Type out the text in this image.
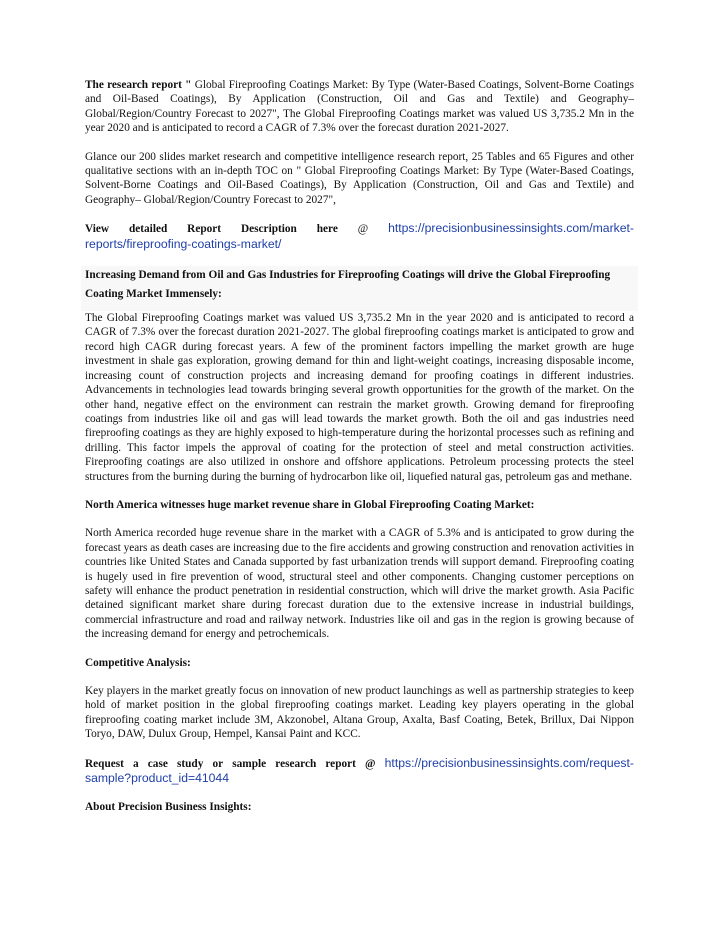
The research report " Global Fireproofing Coatings Market: By Type (Water-Based Coatings, Solvent-Borne Coatings and Oil-Based Coatings), By Application (Construction, Oil and Gas and Textile) and Geography– Global/Region/Country Forecast to 2027", The Global Fireproofing Coatings market was valued US 3,735.2 Mn in the year 2020 and is anticipated to record a CAGR of 7.3% over the forecast duration 2021-2027.

Glance our 200 slides market research and competitive intelligence research report, 25 Tables and 65 Figures and other qualitative sections with an in-depth TOC on " Global Fireproofing Coatings Market: By Type (Water-Based Coatings, Solvent-Borne Coatings and Oil-Based Coatings), By Application (Construction, Oil and Gas and Textile) and Geography– Global/Region/Country Forecast to 2027",

View detailed Report Description here @ https://precisionbusinessinsights.com/market-

reports/fireproofing-coatings-market/

Increasing Demand from Oil and Gas Industries for Fireproofing Coatings will drive the Global Fireproofing Coating Market Immensely:

The Global Fireproofing Coatings market was valued US 3,735.2 Mn in the year 2020 and is anticipated to record a CAGR of 7.3% over the forecast duration 2021-2027. The global fireproofing coatings market is anticipated to grow and record high CAGR during forecast years. A few of the prominent factors impelling the market growth are huge investment in shale gas exploration, growing demand for thin and light-weight coatings, increasing disposable income, increasing count of construction projects and increasing demand for proofing coatings in different industries. Advancements in technologies lead towards bringing several growth opportunities for the growth of the market. On the other hand, negative effect on the environment can restrain the market growth. Growing demand for fireproofing coatings from industries like oil and gas will lead towards the market growth. Both the oil and gas industries need fireproofing coatings as they are highly exposed to high-temperature during the horizontal processes such as refining and drilling. This factor impels the approval of coating for the protection of steel and metal construction activities. Fireproofing coatings are also utilized in onshore and offshore applications. Petroleum processing protects the steel structures from the burning during the burning of hydrocarbon like oil, liquefied natural gas, petroleum gas and methane.

North America witnesses huge market revenue share in Global Fireproofing Coating Market:

North America recorded huge revenue share in the market with a CAGR of 5.3% and is anticipated to grow during the forecast years as death cases are increasing due to the fire accidents and growing construction and renovation activities in countries like United States and Canada supported by fast urbanization trends will support demand. Fireproofing coating is hugely used in fire prevention of wood, structural steel and other components. Changing customer perceptions on safety will enhance the product penetration in residential construction, which will drive the market growth. Asia Pacific detained significant market share during forecast duration due to the extensive increase in industrial buildings, commercial infrastructure and road and railway network. Industries like oil and gas in the region is growing because of the increasing demand for energy and petrochemicals.

Competitive Analysis:

Key players in the market greatly focus on innovation of new product launchings as well as partnership strategies to keep hold of market position in the global fireproofing coatings market. Leading key players operating in the global fireproofing coating market include 3M, Akzonobel, Altana Group, Axalta, Basf Coating, Betek, Brillux, Dai Nippon Toryo, DAW, Dulux Group, Hempel, Kansai Paint and KCC.

Request a case study or sample research report @ https://precisionbusinessinsights.com/request-

sample?product_id=41044

About Precision Business Insights:
